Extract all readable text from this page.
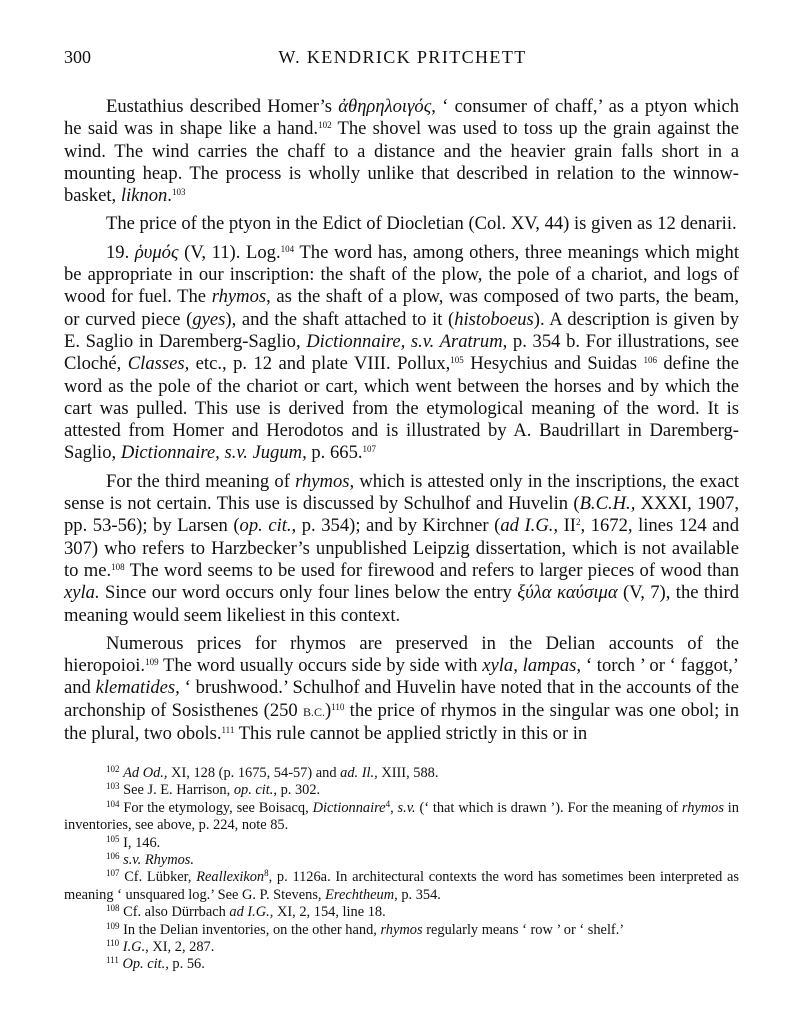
300	W. KENDRICK PRITCHETT

Eustathius described Homer’s ἀθηρηλοιγός, ‘ consumer of chaff,’ as a ptyon which he said was in shape like a hand.$^{102}$ The shovel was used to toss up the grain against the wind. The wind carries the chaff to a distance and the heavier grain falls short in a mounting heap. The process is wholly unlike that described in relation to the winnow-basket, liknon.$^{103}$

The price of the ptyon in the Edict of Diocletian (Col. XV, 44) is given as 12 denarii.

19. ῥυμός (V, 11). Log.$^{104}$ The word has, among others, three meanings which might be appropriate in our inscription: the shaft of the plow, the pole of a chariot, and logs of wood for fuel. The rhymos, as the shaft of a plow, was composed of two parts, the beam, or curved piece (gyes), and the shaft attached to it (histoboeus). A description is given by E. Saglio in Daremberg-Saglio, Dictionnaire, s.v. Aratrum, p. 354 b. For illustrations, see Cloché, Classes, etc., p. 12 and plate VIII. Pollux,$^{105}$ Hesychius and Suidas $^{106}$ define the word as the pole of the chariot or cart, which went between the horses and by which the cart was pulled. This use is derived from the etymological meaning of the word. It is attested from Homer and Herodotos and is illustrated by A. Baudrillart in Daremberg-Saglio, Dictionnaire, s.v. Jugum, p. 665.$^{107}$

For the third meaning of rhymos, which is attested only in the inscriptions, the exact sense is not certain. This use is discussed by Schulhof and Huvelin (B.C.H., XXXI, 1907, pp. 53-56); by Larsen (op. cit., p. 354); and by Kirchner (ad I.G., $II^2$, 1672, lines 124 and 307) who refers to Harzbecker’s unpublished Leipzig dissertation, which is not available to me.$^{108}$ The word seems to be used for firewood and refers to larger pieces of wood than xyla. Since our word occurs only four lines below the entry ξύλα καύσιμα (V, 7), the third meaning would seem likeliest in this context.

Numerous prices for rhymos are preserved in the Delian accounts of the hieropoioi.$^{109}$ The word usually occurs side by side with xyla, lampas, ‘ torch ’ or ‘ faggot,’ and klematides, ‘ brushwood.’ Schulhof and Huvelin have noted that in the accounts of the archonship of Sosisthenes (250 B.C.)$^{110}$ the price of rhymos in the singular was one obol; in the plural, two obols.$^{111}$ This rule cannot be applied strictly in this or in

$^{102}$ Ad Od., XI, 128 (p. 1675, 54-57) and ad. Il., XIII, 588.

$^{103}$ See J. E. Harrison, op. cit., p. 302.

$^{104}$ For the etymology, see Boisacq, Dictionnaire$^4$, s.v. (‘ that which is drawn ’). For the meaning of rhymos in inventories, see above, p. 224, note 85.

$^{105}$ I, 146.

$^{106}$ s.v. Rhymos.

$^{107}$ Cf. Lübker, Reallexikon$^8$, p. 1126a. In architectural contexts the word has sometimes been interpreted as meaning ‘ unsquared log.’ See G. P. Stevens, Erechtheum, p. 354.

$^{108}$ Cf. also Dürrbach ad I.G., XI, 2, 154, line 18.

$^{109}$ In the Delian inventories, on the other hand, rhymos regularly means ‘ row ’ or ‘ shelf.’

$^{110}$ I.G., XI, 2, 287.

$^{111}$ Op. cit., p. 56.
